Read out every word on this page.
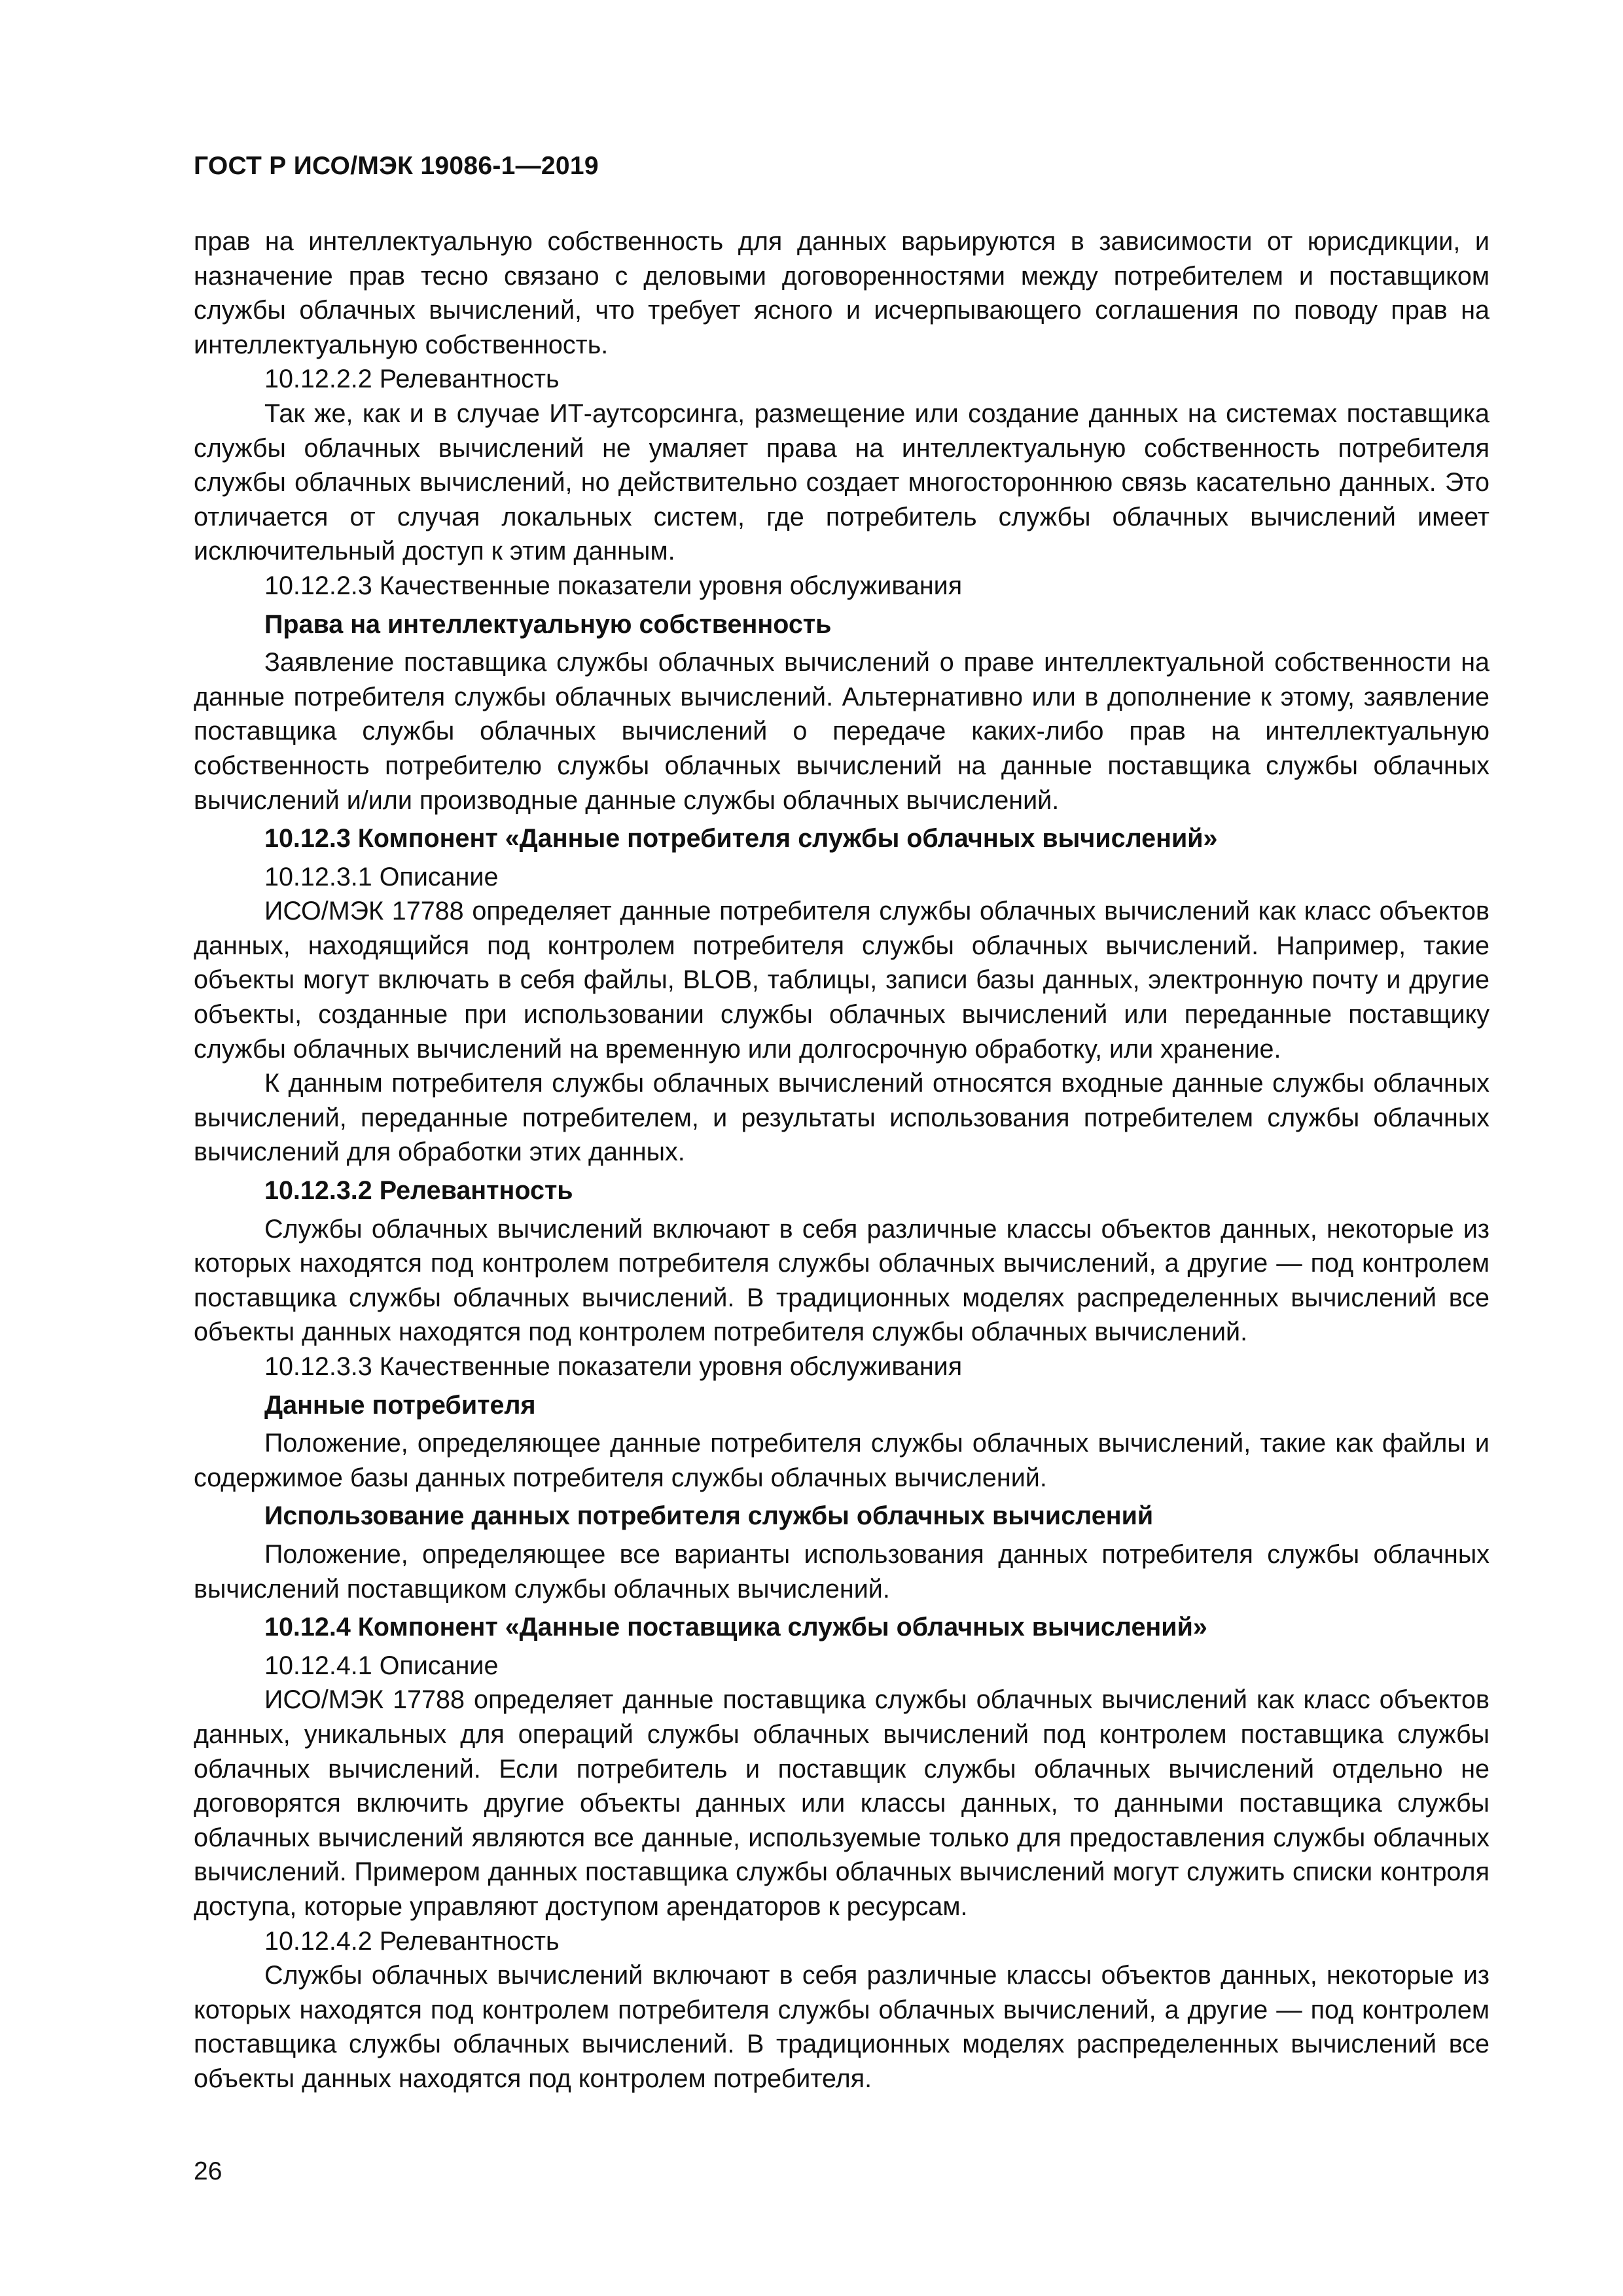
ГОСТ Р ИСО/МЭК 19086-1—2019

прав на интеллектуальную собственность для данных варьируются в зависимости от юрисдикции, и назначение прав тесно связано с деловыми договоренностями между потребителем и поставщиком службы облачных вычислений, что требует ясного и исчерпывающего соглашения по поводу прав на интеллектуальную собственность.

10.12.2.2 Релевантность

Так же, как и в случае ИТ-аутсорсинга, размещение или создание данных на системах поставщика службы облачных вычислений не умаляет права на интеллектуальную собственность потребителя службы облачных вычислений, но действительно создает многостороннюю связь касательно данных. Это отличается от случая локальных систем, где потребитель службы облачных вычислений имеет исключительный доступ к этим данным.

10.12.2.3 Качественные показатели уровня обслуживания

Права на интеллектуальную собственность

Заявление поставщика службы облачных вычислений о праве интеллектуальной собственности на данные потребителя службы облачных вычислений. Альтернативно или в дополнение к этому, заявление поставщика службы облачных вычислений о передаче каких-либо прав на интеллектуальную собственность потребителю службы облачных вычислений на данные поставщика службы облачных вычислений и/или производные данные службы облачных вычислений.

10.12.3 Компонент «Данные потребителя службы облачных вычислений»

10.12.3.1 Описание

ИСО/МЭК 17788 определяет данные потребителя службы облачных вычислений как класс объектов данных, находящийся под контролем потребителя службы облачных вычислений. Например, такие объекты могут включать в себя файлы, BLOB, таблицы, записи базы данных, электронную почту и другие объекты, созданные при использовании службы облачных вычислений или переданные поставщику службы облачных вычислений на временную или долгосрочную обработку, или хранение.

К данным потребителя службы облачных вычислений относятся входные данные службы облачных вычислений, переданные потребителем, и результаты использования потребителем службы облачных вычислений для обработки этих данных.

10.12.3.2 Релевантность

Службы облачных вычислений включают в себя различные классы объектов данных, некоторые из которых находятся под контролем потребителя службы облачных вычислений, а другие — под контролем поставщика службы облачных вычислений. В традиционных моделях распределенных вычислений все объекты данных находятся под контролем потребителя службы облачных вычислений.

10.12.3.3 Качественные показатели уровня обслуживания

Данные потребителя

Положение, определяющее данные потребителя службы облачных вычислений, такие как файлы и содержимое базы данных потребителя службы облачных вычислений.

Использование данных потребителя службы облачных вычислений

Положение, определяющее все варианты использования данных потребителя службы облачных вычислений поставщиком службы облачных вычислений.

10.12.4 Компонент «Данные поставщика службы облачных вычислений»

10.12.4.1 Описание

ИСО/МЭК 17788 определяет данные поставщика службы облачных вычислений как класс объектов данных, уникальных для операций службы облачных вычислений под контролем поставщика службы облачных вычислений. Если потребитель и поставщик службы облачных вычислений отдельно не договорятся включить другие объекты данных или классы данных, то данными поставщика службы облачных вычислений являются все данные, используемые только для предоставления службы облачных вычислений. Примером данных поставщика службы облачных вычислений могут служить списки контроля доступа, которые управляют доступом арендаторов к ресурсам.

10.12.4.2 Релевантность

Службы облачных вычислений включают в себя различные классы объектов данных, некоторые из которых находятся под контролем потребителя службы облачных вычислений, а другие — под контролем поставщика службы облачных вычислений. В традиционных моделях распределенных вычислений все объекты данных находятся под контролем потребителя.

26
